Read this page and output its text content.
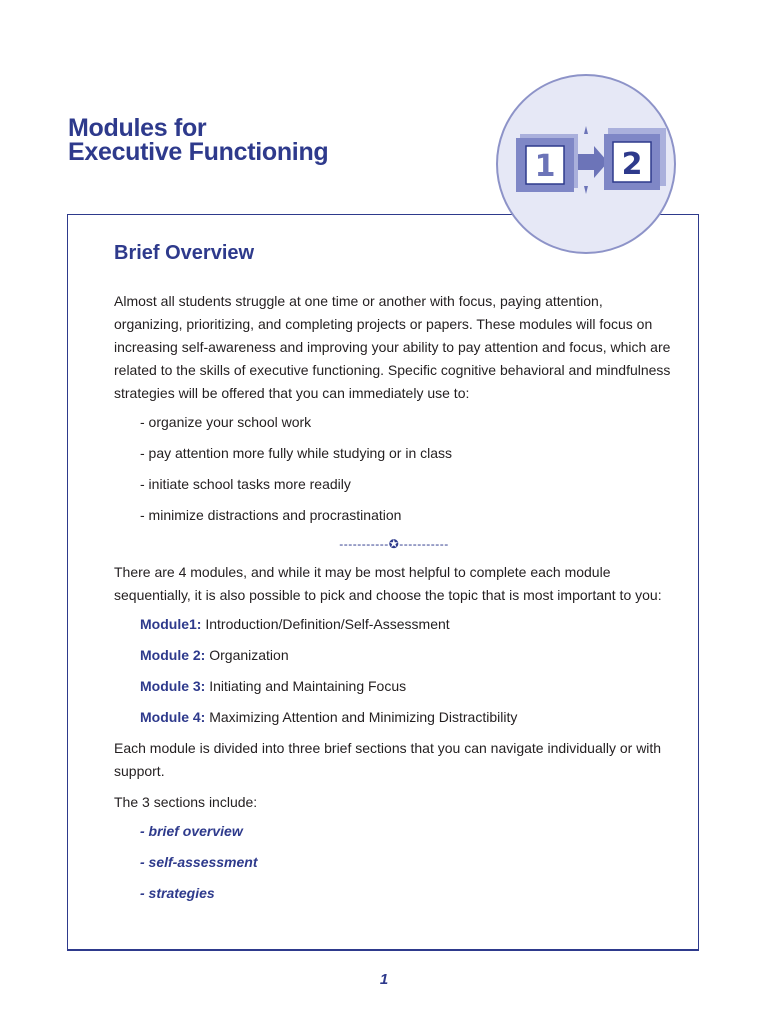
Modules for
Executive Functioning	1 2
Brief Overview

Almost all students struggle at one time or another with focus, paying attention, organizing, prioritizing, and completing projects or papers. These modules will focus on increasing self-awareness and improving your ability to pay attention and focus, which are related to the skills of executive functioning. Specific cognitive behavioral and mindfulness strategies will be offered that you can immediately use to:

- organize your school work
- pay attention more fully while studying or in class
- initiate school tasks more readily
- minimize distractions and procrastination
-----------✪-----------

There are 4 modules, and while it may be most helpful to complete each module sequentially, it is also possible to pick and choose the topic that is most important to you:

Module1: Introduction/Definition/Self-Assessment
Module 2: Organization
Module 3: Initiating and Maintaining Focus
Module 4: Maximizing Attention and Minimizing Distractibility

Each module is divided into three brief sections that you can navigate individually or with support.

The 3 sections include:

- brief overview
- self-assessment
- strategies
1
